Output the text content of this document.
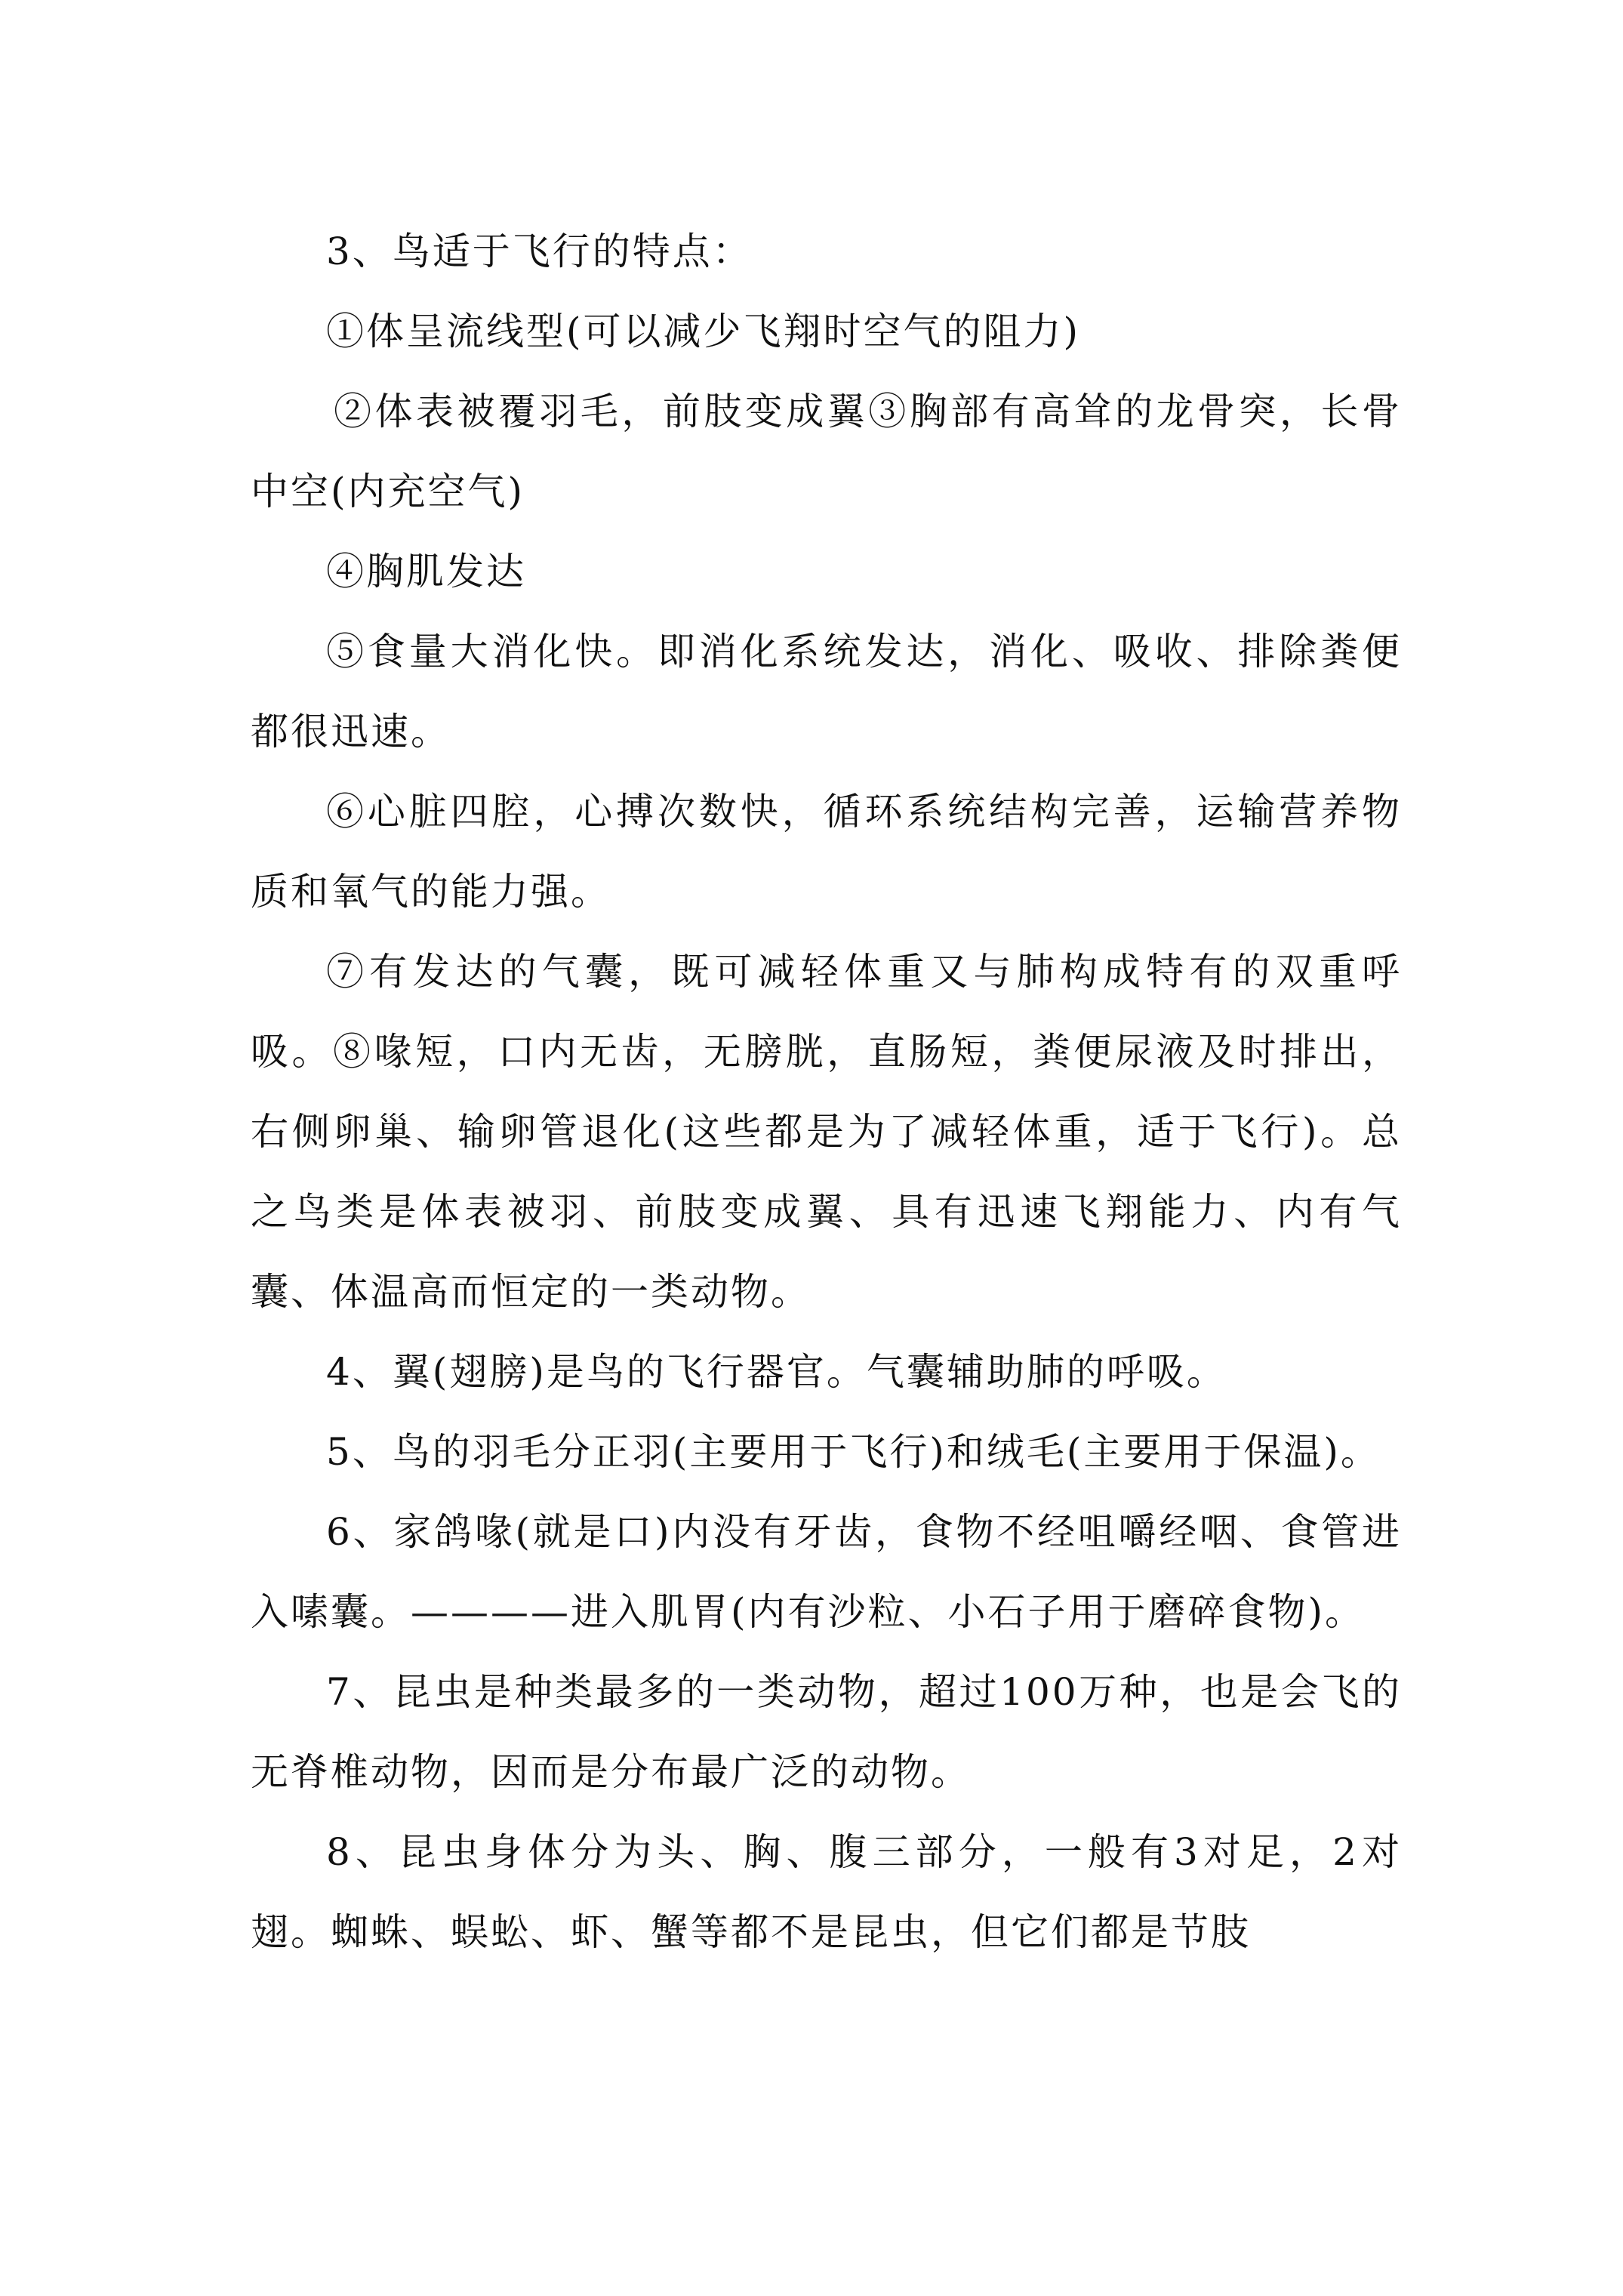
3、鸟适于飞行的特点：

①体呈流线型(可以减少飞翔时空气的阻力)

②体表被覆羽毛，前肢变成翼③胸部有高耸的龙骨突，长骨中空(内充空气)

④胸肌发达

⑤食量大消化快。即消化系统发达，消化、吸收、排除粪便都很迅速。

⑥心脏四腔，心搏次数快，循环系统结构完善，运输营养物质和氧气的能力强。

⑦有发达的气囊，既可减轻体重又与肺构成特有的双重呼吸。⑧喙短，口内无齿，无膀胱，直肠短，粪便尿液及时排出，右侧卵巢、输卵管退化(这些都是为了减轻体重，适于飞行)。总之鸟类是体表被羽、前肢变成翼、具有迅速飞翔能力、内有气囊、体温高而恒定的一类动物。

4、翼(翅膀)是鸟的飞行器官。气囊辅助肺的呼吸。

5、鸟的羽毛分正羽(主要用于飞行)和绒毛(主要用于保温)。

6、家鸽喙(就是口)内没有牙齿，食物不经咀嚼经咽、食管进入嗉囊。————进入肌胃(内有沙粒、小石子用于磨碎食物)。

7、昆虫是种类最多的一类动物，超过100万种，也是会飞的无脊椎动物，因而是分布最广泛的动物。

8、昆虫身体分为头、胸、腹三部分，一般有3对足，2对翅。蜘蛛、蜈蚣、虾、蟹等都不是昆虫，但它们都是节肢
